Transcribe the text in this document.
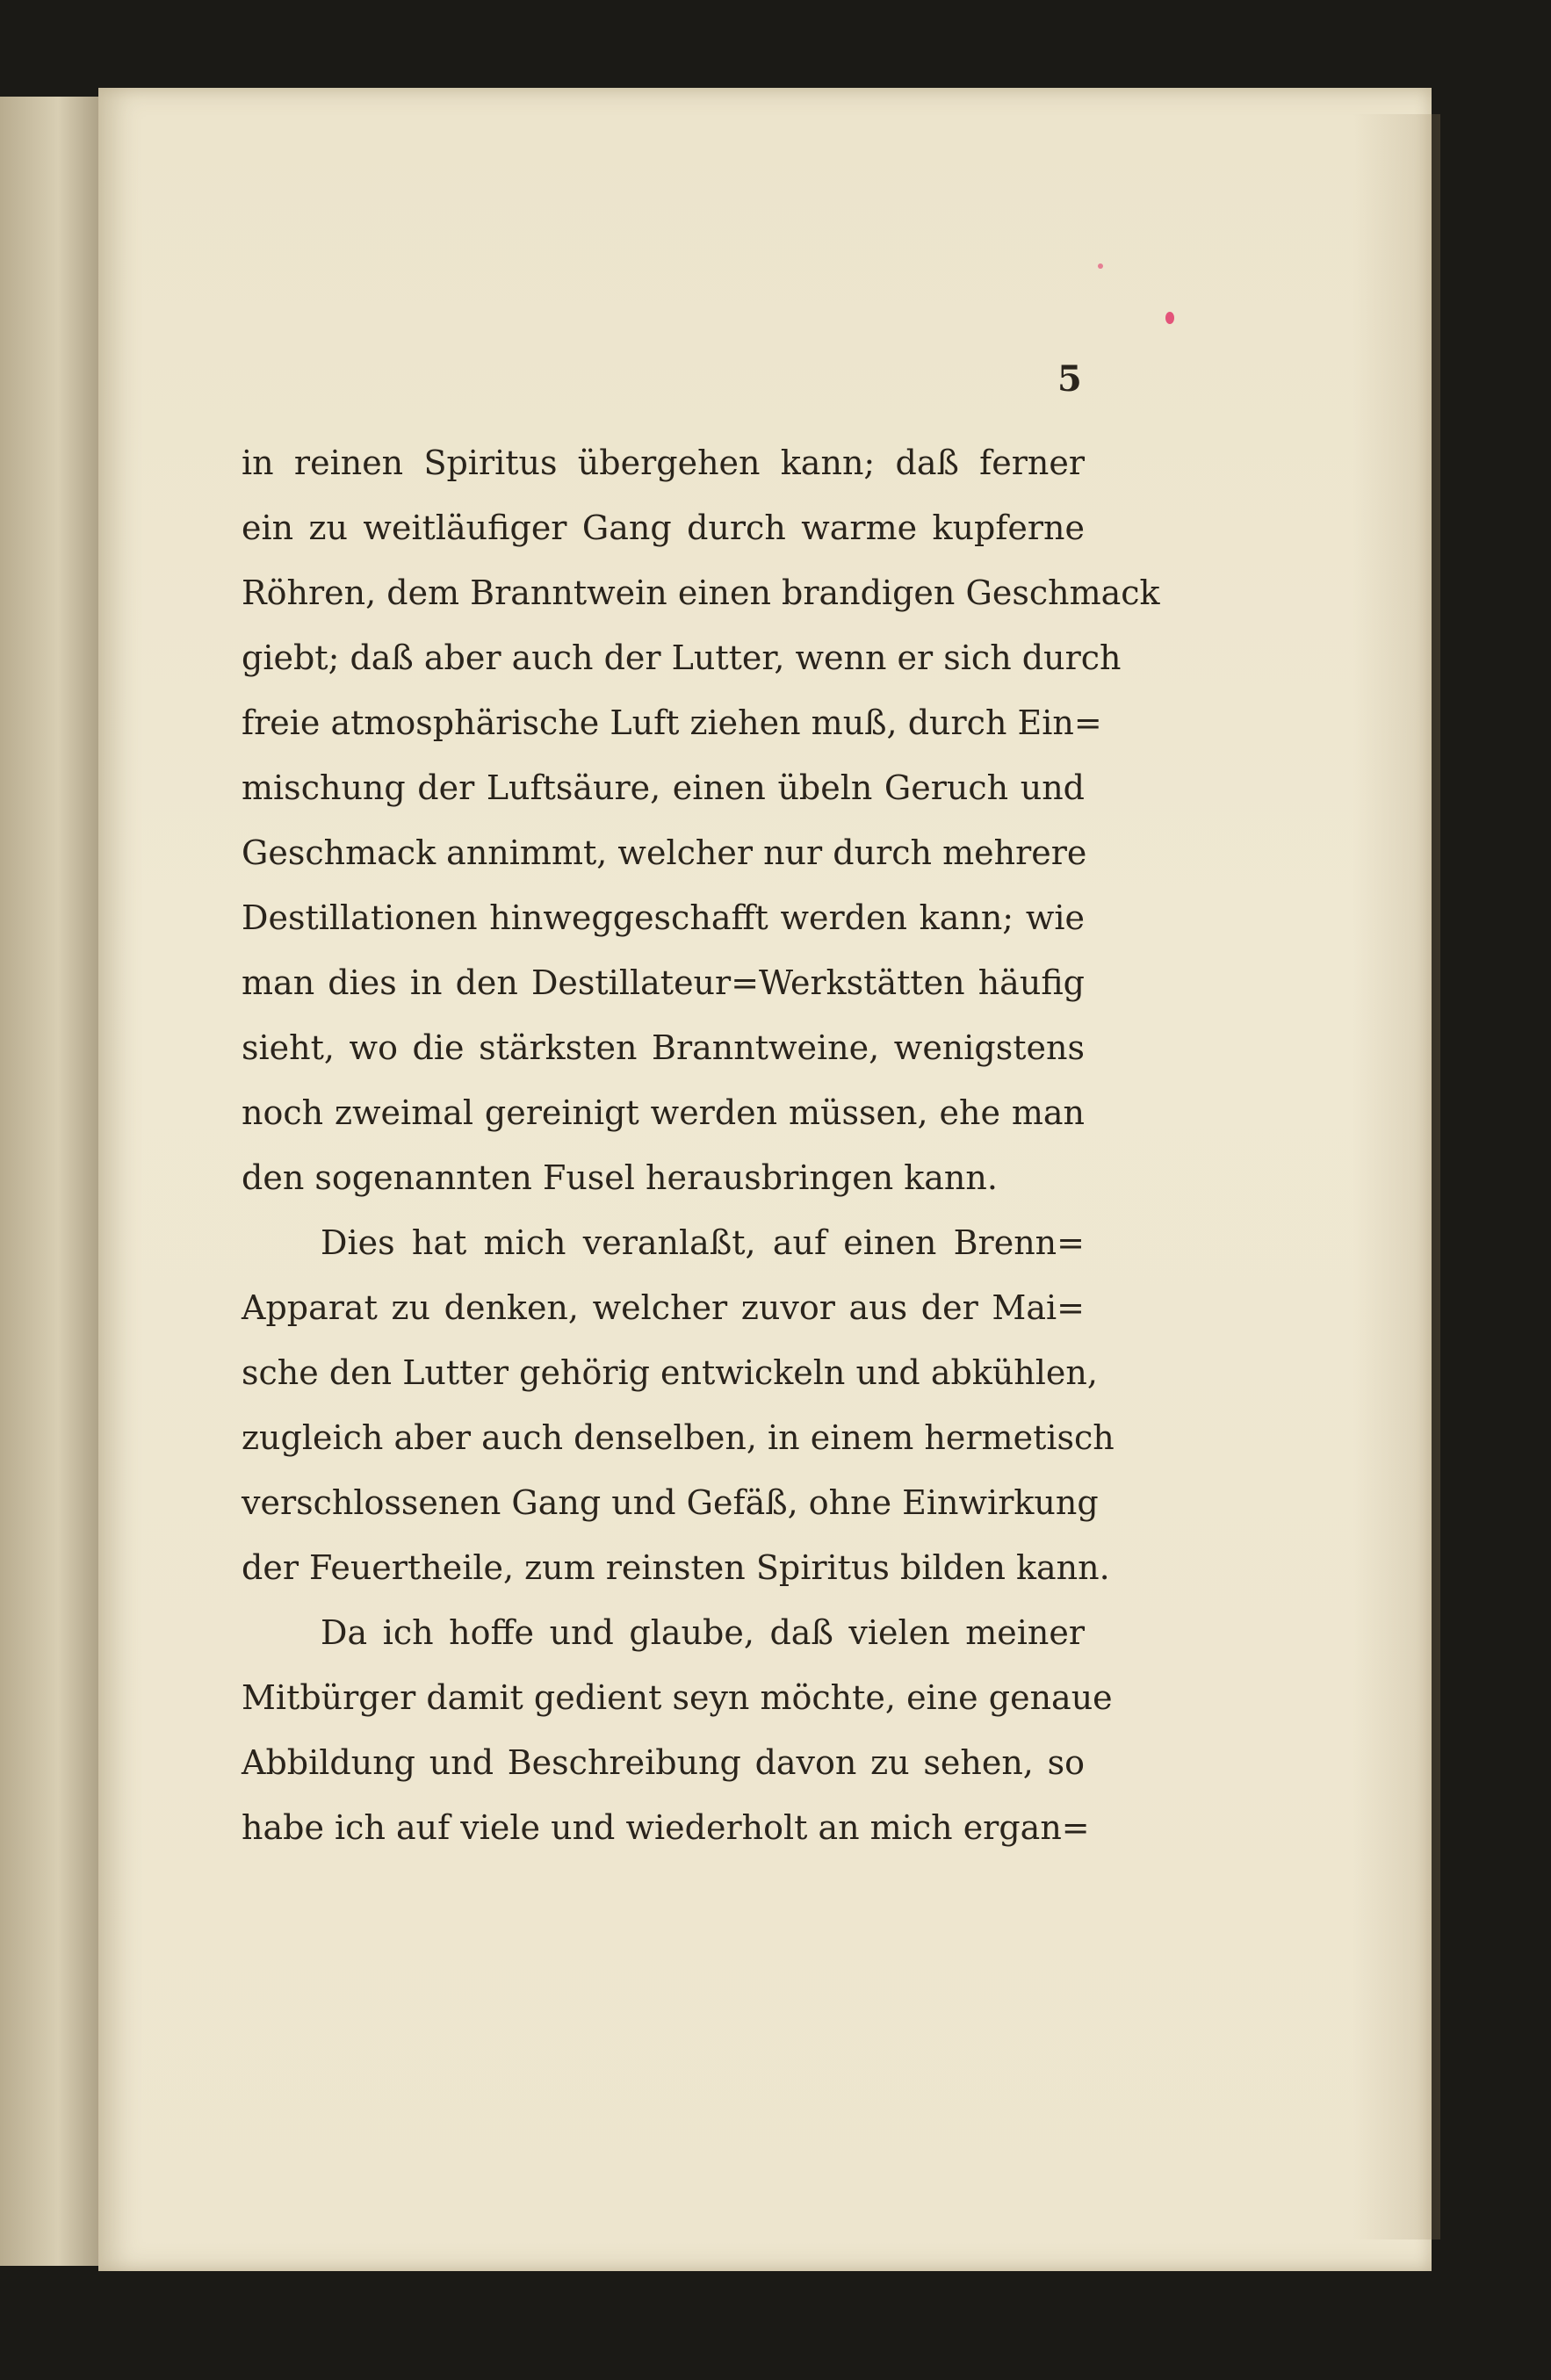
5
in reinen Spiritus übergehen kann; daß ferner
ein zu weitläufiger Gang durch warme kupferne
Röhren, dem Branntwein einen brandigen Geschmack
giebt; daß aber auch der Lutter, wenn er sich durch
freie atmosphärische Luft ziehen muß, durch Ein=
mischung der Luftsäure, einen übeln Geruch und
Geschmack annimmt, welcher nur durch mehrere
Destillationen hinweggeschafft werden kann; wie
man dies in den Destillateur=Werkstätten häufig
sieht, wo die stärksten Branntweine, wenigstens
noch zweimal gereinigt werden müssen, ehe man
den sogenannten Fusel herausbringen kann.
Dies hat mich veranlaßt, auf einen Brenn=
Apparat zu denken, welcher zuvor aus der Mai=
sche den Lutter gehörig entwickeln und abkühlen,
zugleich aber auch denselben, in einem hermetisch
verschlossenen Gang und Gefäß, ohne Einwirkung
der Feuertheile, zum reinsten Spiritus bilden kann.
Da ich hoffe und glaube, daß vielen meiner
Mitbürger damit gedient seyn möchte, eine genaue
Abbildung und Beschreibung davon zu sehen, so
habe ich auf viele und wiederholt an mich ergan=
